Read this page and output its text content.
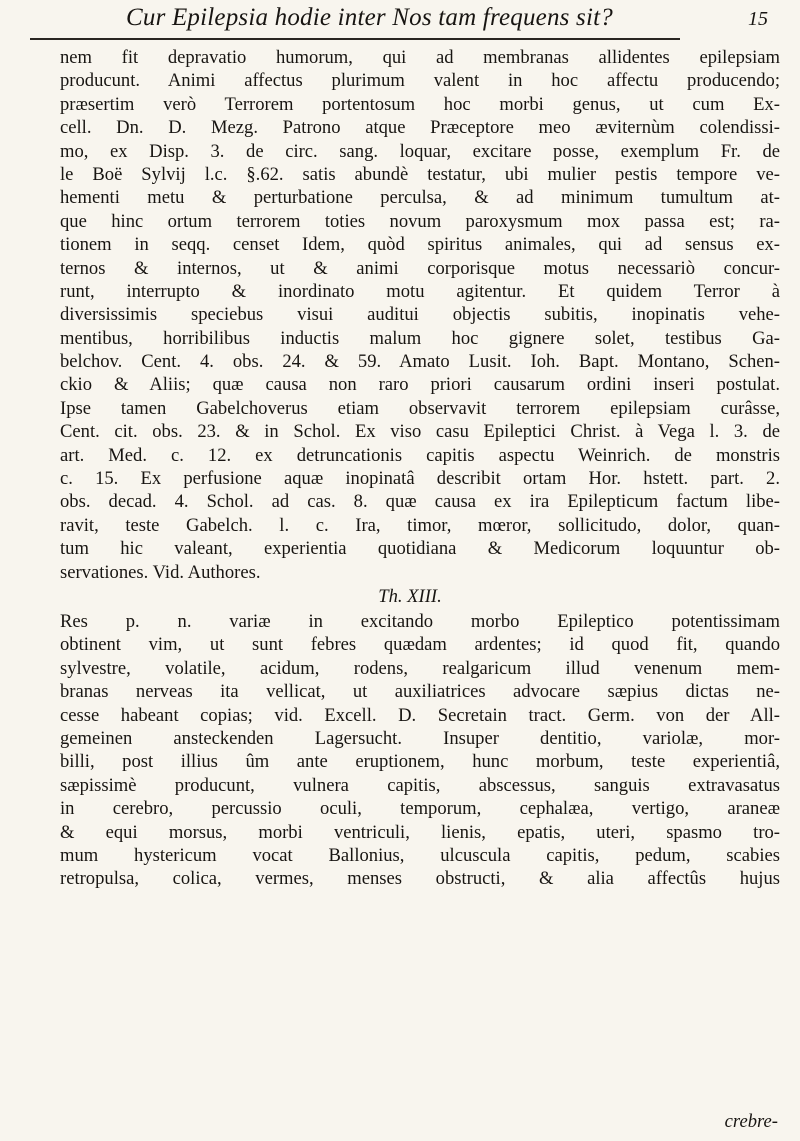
Cur Epilepsia hodie inter Nos tam frequens sit?	15
nem fit depravatio humorum, qui ad membranas allidentes epilepsiam
producunt. Animi affectus plurimum valent in hoc affectu producendo;
præsertim verò Terrorem portentosum hoc morbi genus, ut cum Ex-
cell. Dn. D. Mezg. Patrono atque Præceptore meo æviternùm colendissi-
mo, ex Disp. 3. de circ. sang. loquar, excitare posse, exemplum Fr. de
le Boë Sylvij l.c. §.62. satis abundè testatur, ubi mulier pestis tempore ve-
hementi metu & perturbatione perculsa, & ad minimum tumultum at-
que hinc ortum terrorem toties novum paroxysmum mox passa est; ra-
tionem in seqq. censet Idem, quòd spiritus animales, qui ad sensus ex-
ternos & internos, ut & animi corporisque motus necessariò concur-
runt, interrupto & inordinato motu agitentur. Et quidem Terror à
diversissimis speciebus visui auditui objectis subitis, inopinatis vehe-
mentibus, horribilibus inductis malum hoc gignere solet, testibus Ga-
belchov. Cent. 4. obs. 24. & 59. Amato Lusit. Ioh. Bapt. Montano, Schen-
ckio & Aliis; quæ causa non raro priori causarum ordini inseri postulat.
Ipse tamen Gabelchoverus etiam observavit terrorem epilepsiam curâsse,
Cent. cit. obs. 23. & in Schol. Ex viso casu Epileptici Christ. à Vega l. 3. de
art. Med. c. 12. ex detruncationis capitis aspectu Weinrich. de monstris
c. 15. Ex perfusione aquæ inopinatâ describit ortam Hor. hstett. part. 2.
obs. decad. 4. Schol. ad cas. 8. quæ causa ex ira Epilepticum factum libe-
ravit, teste Gabelch. l. c. Ira, timor, mœror, sollicitudo, dolor, quan-
tum hic valeant, experientia quotidiana & Medicorum loquuntur ob-
servationes. Vid. Authores.
Th. XIII.
Res p. n. variæ in excitando morbo Epileptico potentissimam
obtinent vim, ut sunt febres quædam ardentes; id quod fit, quando
sylvestre, volatile, acidum, rodens, realgaricum illud venenum mem-
branas nerveas ita vellicat, ut auxiliatrices advocare sæpius dictas ne-
cesse habeant copias; vid. Excell. D. Secretain tract. Germ. von der All-
gemeinen ansteckenden Lagersucht. Insuper dentitio, variolæ, mor-
billi, post illius ûm ante eruptionem, hunc morbum, teste experientiâ,
sæpissimè producunt, vulnera capitis, abscessus, sanguis extravasatus
in cerebro, percussio oculi, temporum, cephalæa, vertigo, araneæ
& equi morsus, morbi ventriculi, lienis, epatis, uteri, spasmo tro-
mum hystericum vocat Ballonius, ulcuscula capitis, pedum, scabies
retropulsa, colica, vermes, menses obstructi, & alia affectûs hujus
crebre-
